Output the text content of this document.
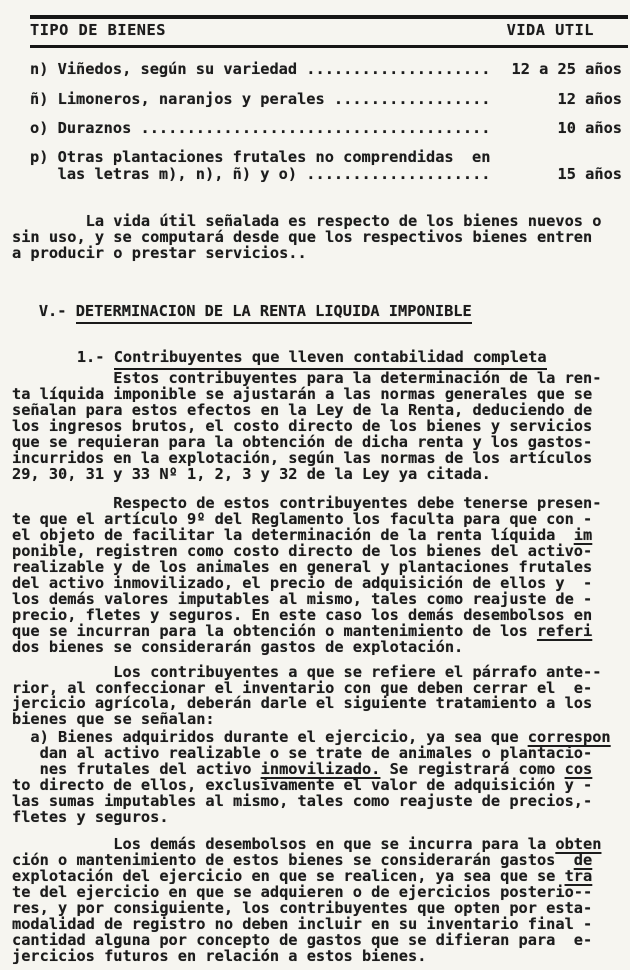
TIPO DE BIENES	VIDA UTIL
n) Viñedos, según su variedad .................... 12 a 25 años
ñ) Limoneros, naranjos y perales .................	12 años
o) Duraznos ......................................	10 años
p) Otras plantaciones frutales no comprendidas  en
las letras m), n), ñ) y o) ....................	15 años
La vida útil señalada es respecto de los bienes nuevos o
sin uso, y se computará desde que los respectivos bienes entren
a producir o prestar servicios..

V.- DETERMINACION DE LA RENTA LIQUIDA IMPONIBLE

1.- Contribuyentes que lleven contabilidad completa

Estos contribuyentes para la determinación de la ren-
ta líquida imponible se ajustarán a las normas generales que se
señalan para estos efectos en la Ley de la Renta, deduciendo de
los ingresos brutos, el costo directo de los bienes y servicios
que se requieran para la obtención de dicha renta y los gastos-
incurridos en la explotación, según las normas de los artículos
29, 30, 31 y 33 Nº 1, 2, 3 y 32 de la Ley ya citada.
Respecto de estos contribuyentes debe tenerse presen-
te que el artículo 9º del Reglamento los faculta para que con -
el objeto de facilitar la determinación de la renta líquida  im
ponible, registren como costo directo de los bienes del activo-
realizable y de los animales en general y plantaciones frutales
del activo inmovilizado, el precio de adquisición de ellos y  -
los demás valores imputables al mismo, tales como reajuste de -
precio, fletes y seguros. En este caso los demás desembolsos en
que se incurran para la obtención o mantenimiento de los referi
dos bienes se considerarán gastos de explotación.
Los contribuyentes a que se refiere el párrafo ante--
rior, al confeccionar el inventario con que deben cerrar el  e-
jercicio agrícola, deberán darle el siguiente tratamiento a los
bienes que se señalan:
a) Bienes adquiridos durante el ejercicio, ya sea que correspon
dan al activo realizable o se trate de animales o plantacio-
nes frutales del activo inmovilizado. Se registrará como cos
to directo de ellos, exclusivamente el valor de adquisición y -
las sumas imputables al mismo, tales como reajuste de precios,-
fletes y seguros.
Los demás desembolsos en que se incurra para la obten
ción o mantenimiento de estos bienes se considerarán gastos  de
explotación del ejercicio en que se realicen, ya sea que se tra
te del ejercicio en que se adquieren o de ejercicios posterio--
res, y por consiguiente, los contribuyentes que opten por esta-
modalidad de registro no deben incluir en su inventario final -
cantidad alguna por concepto de gastos que se difieran para  e-
jercicios futuros en relación a estos bienes.
